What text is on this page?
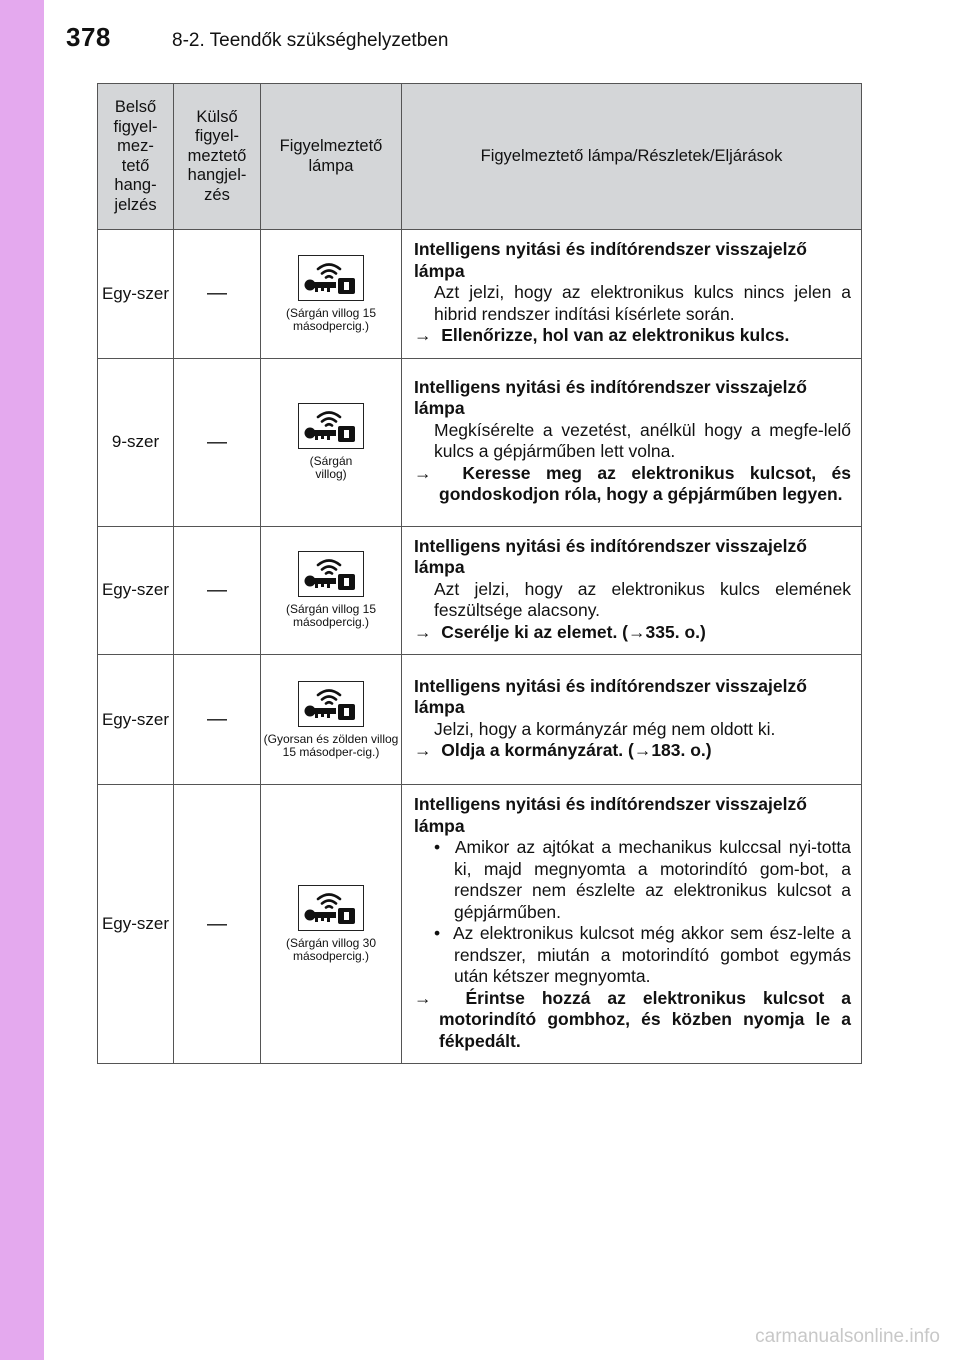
378	8-2. Teendők szükséghelyzetben
Belső figyel-mez-tető hang-jelzés	Külső figyel-meztető hangjel-zés	Figyelmeztető lámpa	Figyelmeztető lámpa/Részletek/Eljárások
Egy-szer	—	(Sárgán villog 15 másodpercig.)	Intelligens nyitási és indítórendszer visszajelző lámpa
Azt jelzi, hogy az elektronikus kulcs nincs jelen a hibrid rendszer indítási kísérlete során.
→ Ellenőrizze, hol van az elektronikus kulcs.

9-szer	—	(Sárgán villog)	Intelligens nyitási és indítórendszer visszajelző lámpa
Megkísérelte a vezetést, anélkül hogy a megfe-lelő kulcs a gépjárműben lett volna.
→ Keresse meg az elektronikus kulcsot, és gondoskodjon róla, hogy a gépjárműben legyen.

Egy-szer	—	(Sárgán villog 15 másodpercig.)	Intelligens nyitási és indítórendszer visszajelző lámpa
Azt jelzi, hogy az elektronikus kulcs elemének feszültsége alacsony.
→ Cserélje ki az elemet. (→335. o.)

Egy-szer	—	(Gyorsan és zölden villog 15 másodper-cig.)	Intelligens nyitási és indítórendszer visszajelző lámpa
Jelzi, hogy a kormányzár még nem oldott ki.
→ Oldja a kormányzárat. (→183. o.)

Egy-szer	—	(Sárgán villog 30 másodpercig.)	Intelligens nyitási és indítórendszer visszajelző lámpa
•  Amikor az ajtókat a mechanikus kulccsal nyi-totta ki, majd megnyomta a motorindító gom-bot, a rendszer nem észlelte az elektronikus kulcsot a gépjárműben.
•  Az elektronikus kulcsot még akkor sem ész-lelte a rendszer, miután a motorindító gombot egymás után kétszer megnyomta.
→ Érintse hozzá az elektronikus kulcsot a motorindító gombhoz, és közben nyomja le a fékpedált.
carmanualsonline.info
